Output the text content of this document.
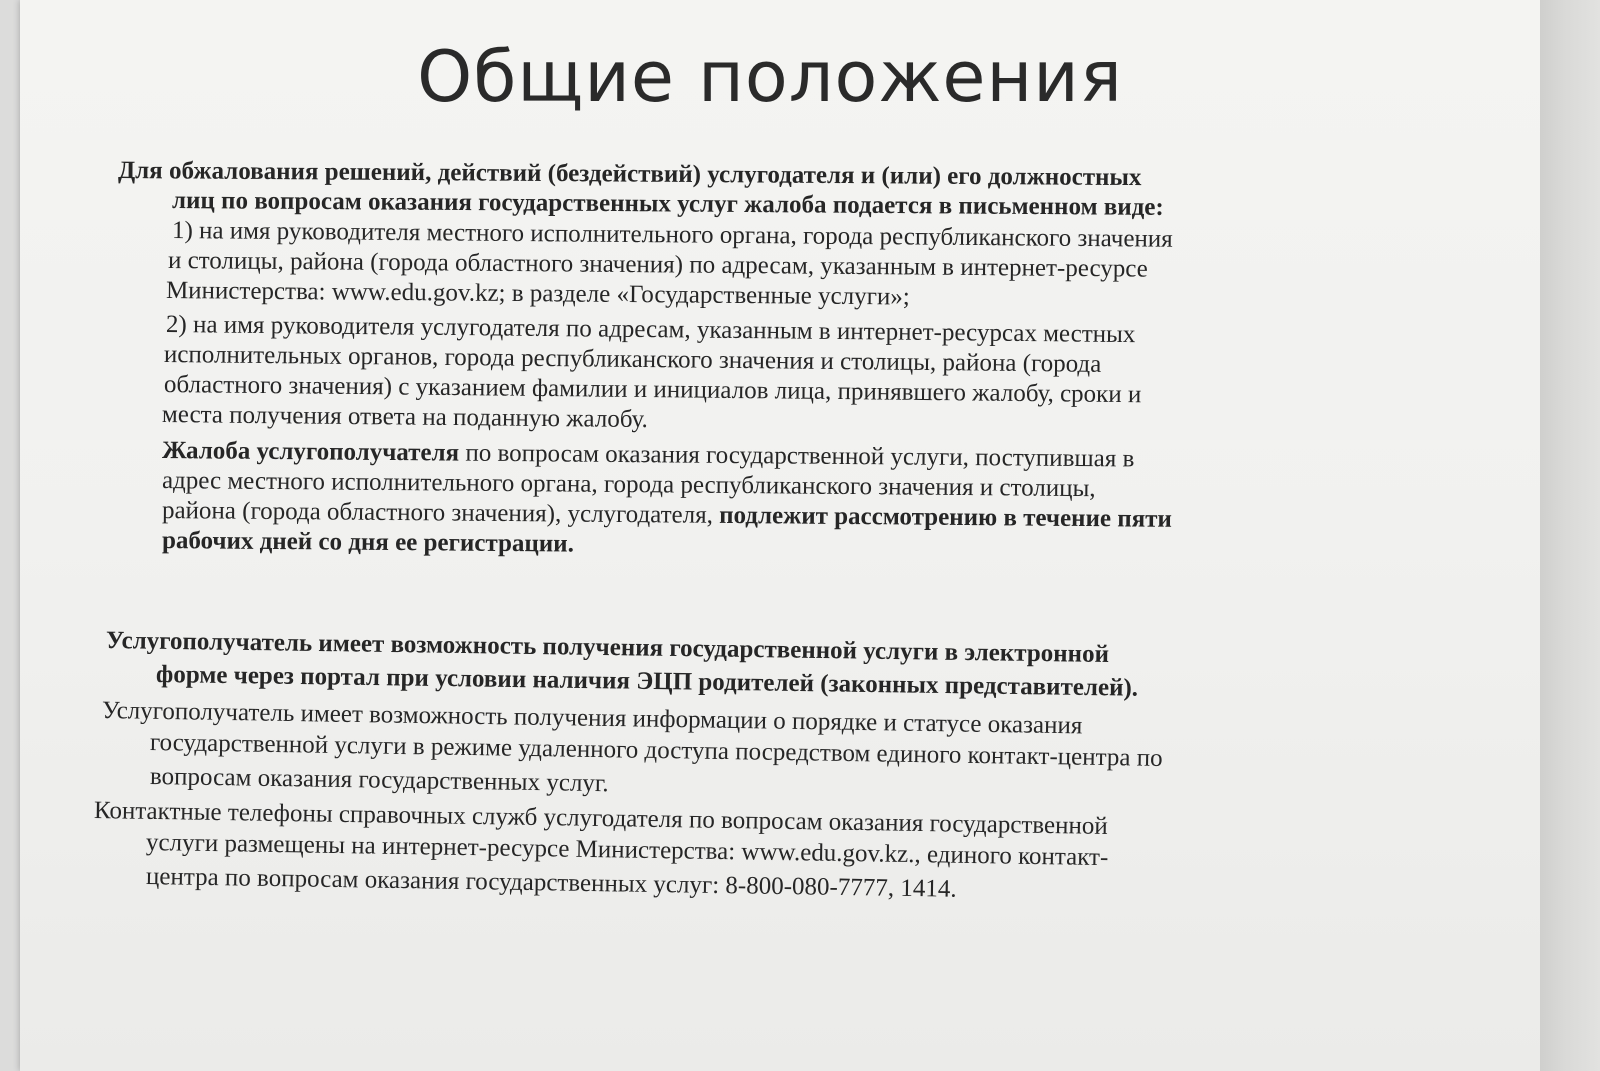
Общие положения
Для обжалования решений, действий (бездействий) услугодателя и (или) его должностных
лиц по вопросам оказания государственных услуг жалоба подается в письменном виде:
1) на имя руководителя местного исполнительного органа, города республиканского значения
и столицы, района (города областного значения) по адресам, указанным в интернет-ресурсе
Министерства: www.edu.gov.kz; в разделе «Государственные услуги»;
2) на имя руководителя услугодателя по адресам, указанным в интернет-ресурсах местных
исполнительных органов, города республиканского значения и столицы, района (города
областного значения) с указанием фамилии и инициалов лица, принявшего жалобу, сроки и
места получения ответа на поданную жалобу.
Жалоба услугополучателя по вопросам оказания государственной услуги, поступившая в
адрес местного исполнительного органа, города республиканского значения и столицы,
района (города областного значения), услугодателя, подлежит рассмотрению в течение пяти
рабочих дней со дня ее регистрации.
Услугополучатель имеет возможность получения государственной услуги в электронной
форме через портал при условии наличия ЭЦП родителей (законных представителей).
Услугополучатель имеет возможность получения информации о порядке и статусе оказания
государственной услуги в режиме удаленного доступа посредством единого контакт-центра по
вопросам оказания государственных услуг.
Контактные телефоны справочных служб услугодателя по вопросам оказания государственной
услуги размещены на интернет-ресурсе Министерства: www.edu.gov.kz., единого контакт-
центра по вопросам оказания государственных услуг: 8-800-080-7777, 1414.
